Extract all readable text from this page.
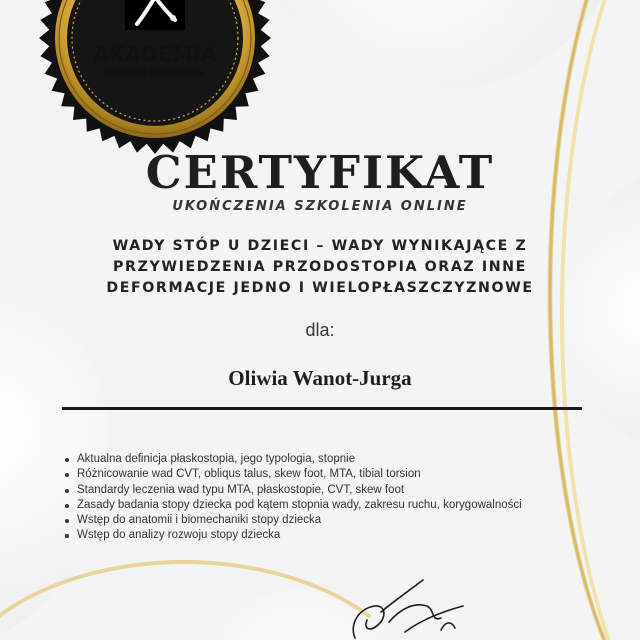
AKADEMIA
Globalnej Terapii Stopy
CERTYFIKAT
UKOŃCZENIA SZKOLENIA ONLINE
WADY STÓP U DZIECI – WADY WYNIKAJĄCE Z
PRZYWIEDZENIA PRZODOSTOPIA ORAZ INNE
DEFORMACJE JEDNO I WIELOPŁASZCZYZNOWE
dla:
Oliwia Wanot-Jurga
Aktualna definicja płaskostopia, jego typologia, stopnie
Różnicowanie wad CVT, obliqus talus, skew foot, MTA, tibial torsion
Standardy leczenia wad typu MTA, płaskostopie, CVT, skew foot
Zasady badania stopy dziecka pod kątem stopnia wady, zakresu ruchu, korygowalności
Wstęp do anatomii i biomechaniki stopy dziecka
Wstęp do analizy rozwoju stopy dziecka
